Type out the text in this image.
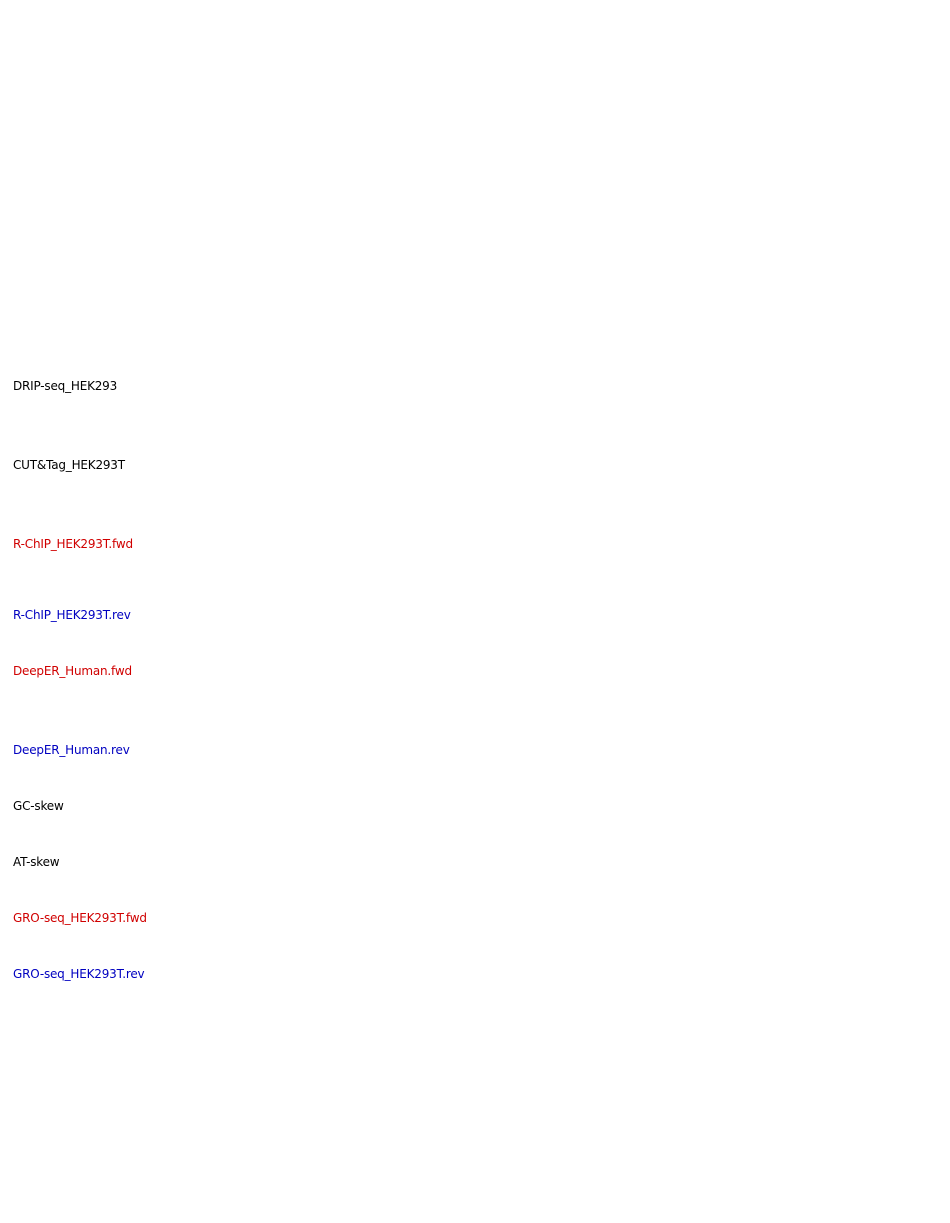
DRIP-seq_HEK293
CUT&Tag_HEK293T
R-ChIP_HEK293T.fwd
R-ChIP_HEK293T.rev
DeepER_Human.fwd
DeepER_Human.rev
GC-skew
AT-skew
GRO-seq_HEK293T.fwd
GRO-seq_HEK293T.rev
